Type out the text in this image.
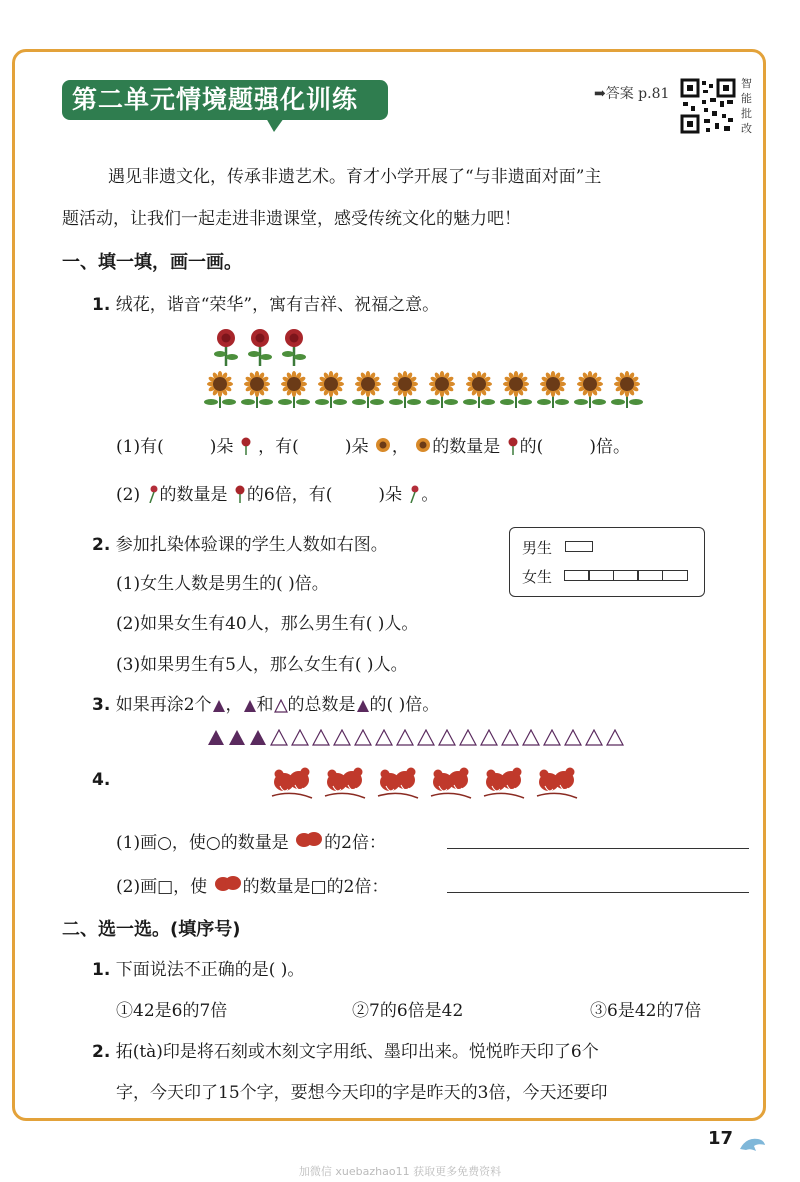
第二单元情境题强化训练	➡答案 p.81
智
能
批
改
遇见非遗文化，传承非遗艺术。育才小学开展了“与非遗面对面”主
题活动，让我们一起走进非遗课堂，感受传统文化的魅力吧！
一、填一填，画一画。
1. 绒花，谐音“荣华”，寓有吉祥、祝福之意。
(1)有(	)朵 ，有(	)朵 ， 的数量是 的(	)倍。
(2) 的数量是 的6倍，有(	)朵 。
2. 参加扎染体验课的学生人数如右图。	男生
女生
(1)女生人数是男生的( )倍。
(2)如果女生有40人，那么男生有( )人。
(3)如果男生有5人，那么女生有( )人。
3. 如果再涂2个 ， 和 的总数是 的( )倍。
4.
(1)画○，使○的数量是 的2倍：
(2)画□，使 的数量是□的2倍：
二、选一选。(填序号)
1. 下面说法不正确的是( )。
①42是6的7倍	②7的6倍是42	③6是42的7倍
2. 拓(tà)印是将石刻或木刻文字用纸、墨印出来。悦悦昨天印了6个
字，今天印了15个字，要想今天印的字是昨天的3倍，今天还要印
17
加微信 xuebazhao11 获取更多免费资料
